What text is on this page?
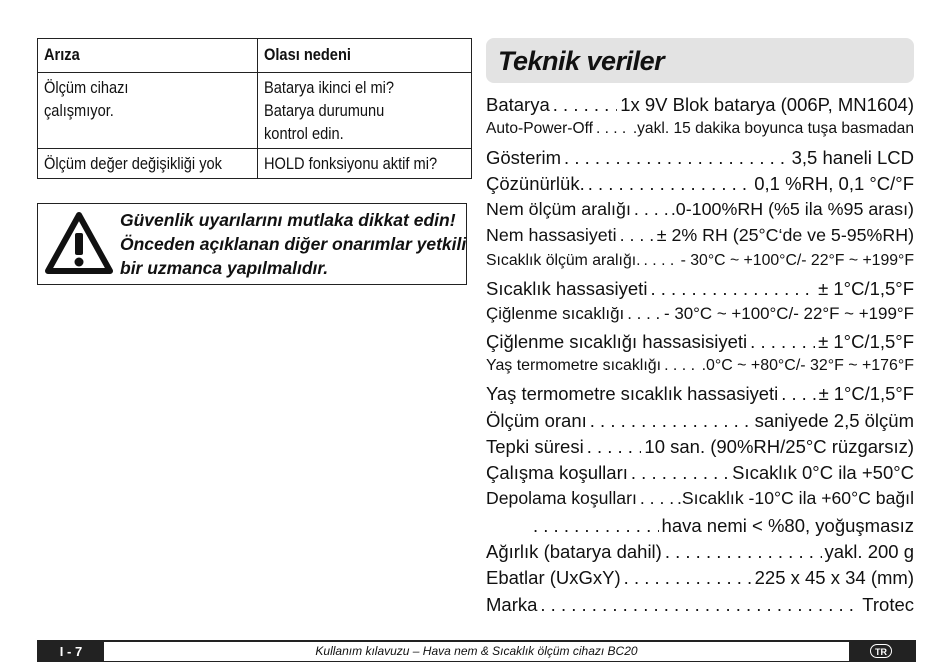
Arıza	Olası nedeni
Ölçüm cihazı
çalışmıyor.	Batarya ikinci el mi?
Batarya durumunu
kontrol edin.
Ölçüm değer değişikliği yok	HOLD fonksiyonu aktif mi?
Güvenlik uyarılarını mutlaka dikkat edin!
Önceden açıklanan diğer onarımlar yetkili
bir uzmanca yapılmalıdır.
Teknik veriler
Batarya . . .	1x 9V Blok batarya (006P, MN1604)
Auto-Power-Off . . .	.yakl. 15 dakika boyunca tuşa basmadan
Gösterim . . .	3,5 haneli LCD
Çözünürlük. . . .	0,1 %RH, 0,1 °C/°F
Nem ölçüm aralığı . . . .0-100%RH (%5 ila %95 arası)
Nem hassasiyeti . . . ± 2% RH (25°C‘de ve 5-95%RH)
Sıcaklık ölçüm aralığı. . . .	- 30°C ~ +100°C/- 22°F ~ +199°F
Sıcaklık hassasiyeti . . .	± 1°C/1,5°F
Çiğlenme sıcaklığı . . . - 30°C ~ +100°C/- 22°F ~ +199°F
Çiğlenme sıcaklığı hassasisiyeti . . .	± 1°C/1,5°F
Yaş termometre sıcaklığı . . .	.0°C ~ +80°C/- 32°F ~ +176°F
Yaş termometre sıcaklık hassasiyeti . . . ± 1°C/1,5°F
Ölçüm oranı . . .	saniyede 2,5 ölçüm
Tepki süresi . . .	10 san. (90%RH/25°C rüzgarsız)
Çalışma koşulları . . .	Sıcaklık 0°C ila +50°C
Depolama koşulları . . . .Sıcaklık -10°C ila +60°C bağıl
. . .
hava nemi < %80, yoğuşmasız
Ağırlık (batarya dahil) . . .	yakl. 200 g
Ebatlar (UxGxY) . . .	225 x 45 x 34 (mm)
Marka . . .	Trotec
I - 7	Kullanım kılavuzu – Hava nem & Sıcaklık ölçüm cihazı BC20	TR
